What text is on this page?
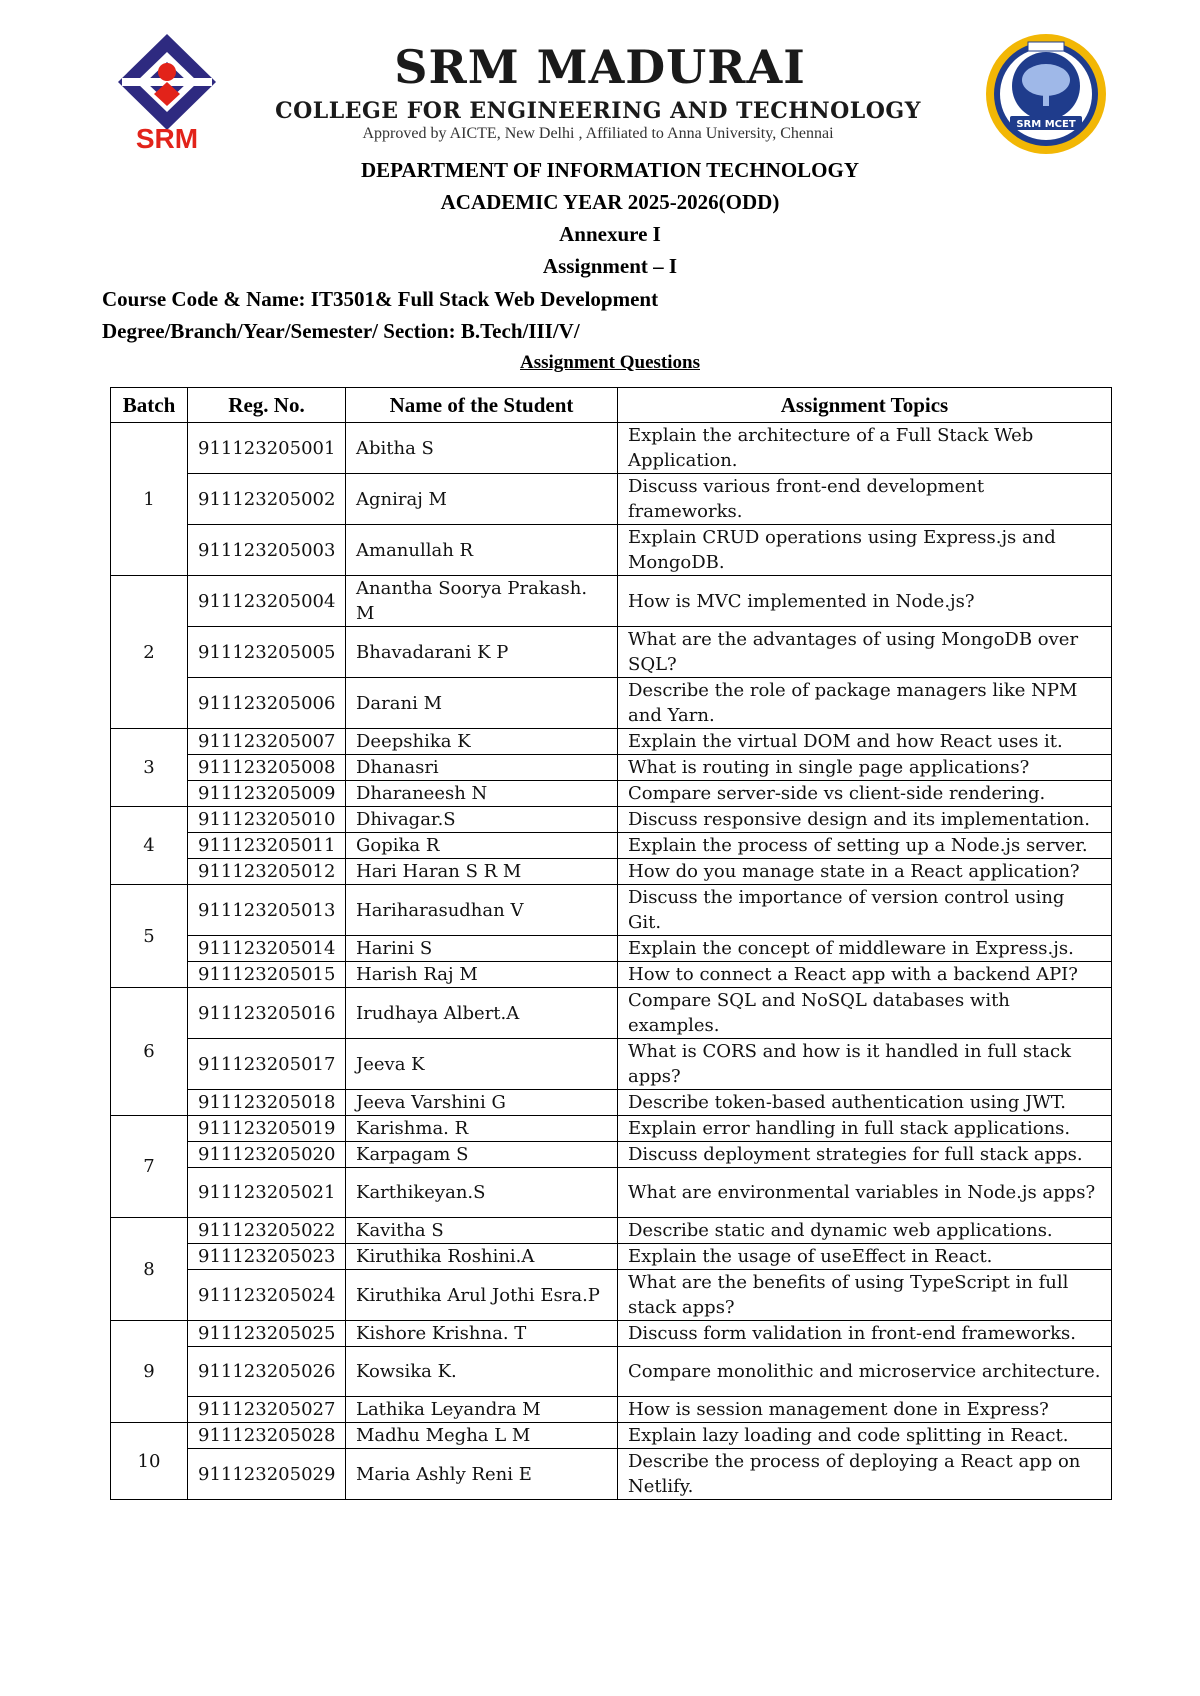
SRM
SRM MADURAI
COLLEGE FOR ENGINEERING AND TECHNOLOGY
Approved by AICTE, New Delhi , Affiliated to Anna University, Chennai
SRM MCET
DEPARTMENT OF INFORMATION TECHNOLOGY
ACADEMIC YEAR 2025-2026(ODD)
Annexure I
Assignment – I
Course Code & Name: IT3501& Full Stack Web Development
Degree/Branch/Year/Semester/ Section: B.Tech/III/V/
Assignment Questions
Batch	Reg. No.	Name of the Student	Assignment Topics
1	911123205001	Abitha S	Explain the architecture of a Full Stack Web Application.
	911123205002	Agniraj M	Discuss various front-end development frameworks.
	911123205003	Amanullah R	Explain CRUD operations using Express.js and MongoDB.
2	911123205004	Anantha Soorya Prakash. M	How is MVC implemented in Node.js?
	911123205005	Bhavadarani K P	What are the advantages of using MongoDB over SQL?
	911123205006	Darani M	Describe the role of package managers like NPM and Yarn.
3	911123205007	Deepshika K	Explain the virtual DOM and how React uses it.
	911123205008	Dhanasri	What is routing in single page applications?
	911123205009	Dharaneesh N	Compare server-side vs client-side rendering.
4	911123205010	Dhivagar.S	Discuss responsive design and its implementation.
	911123205011	Gopika R	Explain the process of setting up a Node.js server.
	911123205012	Hari Haran S R M	How do you manage state in a React application?
5	911123205013	Hariharasudhan V	Discuss the importance of version control using Git.
	911123205014	Harini S	Explain the concept of middleware in Express.js.
	911123205015	Harish Raj M	How to connect a React app with a backend API?
6	911123205016	Irudhaya Albert.A	Compare SQL and NoSQL databases with examples.
	911123205017	Jeeva K	What is CORS and how is it handled in full stack apps?
	911123205018	Jeeva Varshini G	Describe token-based authentication using JWT.
7	911123205019	Karishma. R	Explain error handling in full stack applications.
	911123205020	Karpagam S	Discuss deployment strategies for full stack apps.
	911123205021	Karthikeyan.S	What are environmental variables in Node.js apps?
8	911123205022	Kavitha S	Describe static and dynamic web applications.
	911123205023	Kiruthika Roshini.A	Explain the usage of useEffect in React.
	911123205024	Kiruthika Arul Jothi Esra.P	What are the benefits of using TypeScript in full stack apps?
9	911123205025	Kishore Krishna. T	Discuss form validation in front-end frameworks.
	911123205026	Kowsika K.	Compare monolithic and microservice architecture.
	911123205027	Lathika Leyandra M	How is session management done in Express?
10	911123205028	Madhu Megha L M	Explain lazy loading and code splitting in React.
	911123205029	Maria Ashly Reni E	Describe the process of deploying a React app on Netlify.
